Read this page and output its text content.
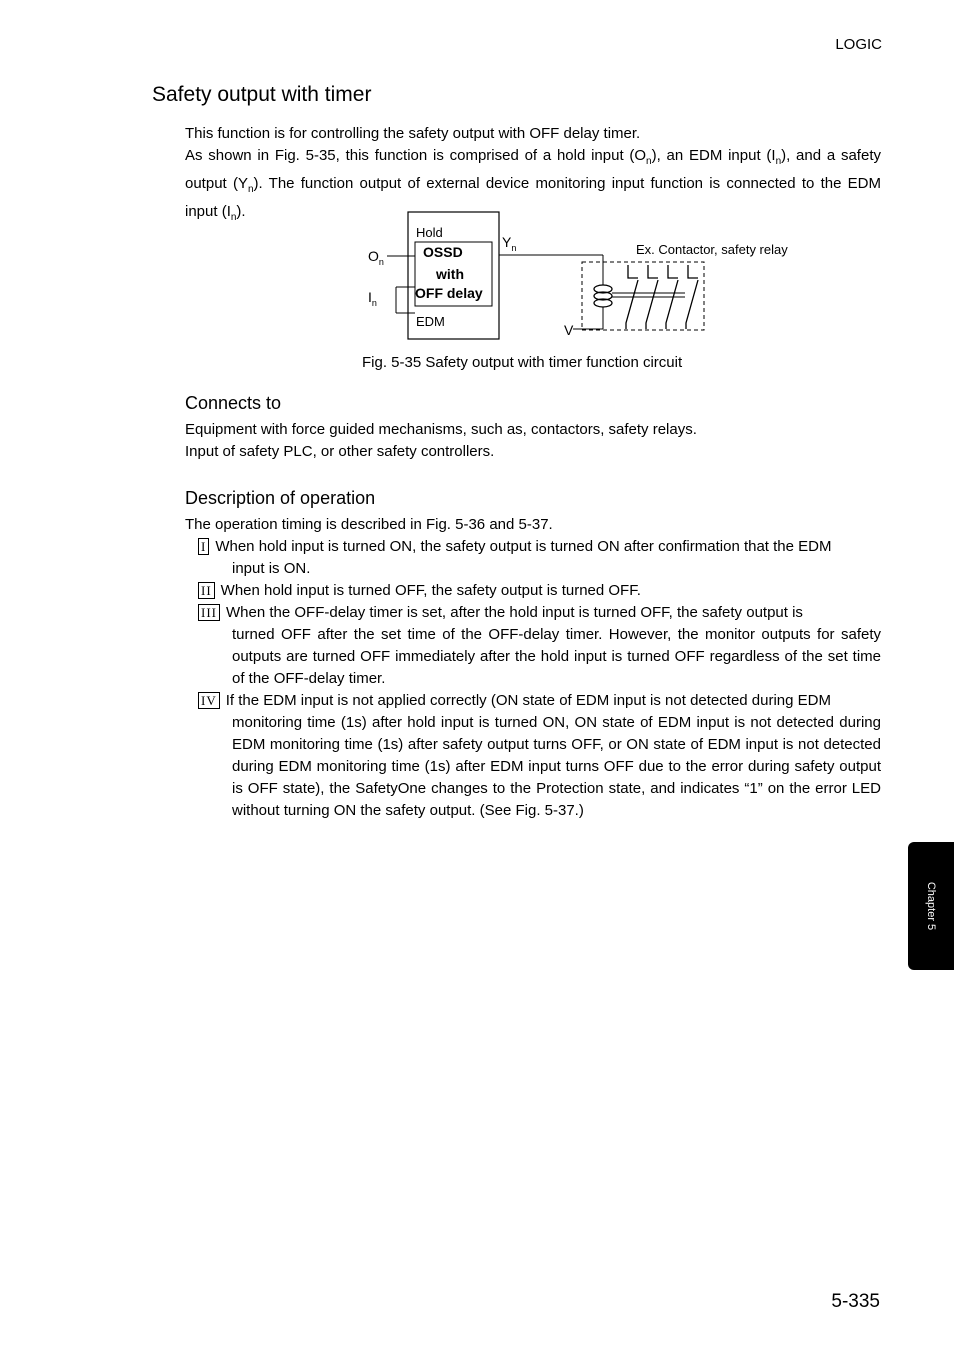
LOGIC
Safety output with timer

This function is for controlling the safety output with OFF delay timer.

As shown in Fig. 5-35, this function is comprised of a hold input $(O_n)$, an EDM input $(I_n)$, and a safety output $(Y_n)$. The function output of external device monitoring input function is connected to the EDM input $(I_n)$.

Hold
OSSD
with
OFF delay
EDM
$O_n$
$I_n$
$Y_n$
V
Ex. Contactor, safety relay
Fig. 5-35 Safety output with timer function circuit
Connects to

Equipment with force guided mechanisms, such as, contactors, safety relays.

Input of safety PLC, or other safety controllers.

Description of operation
The operation timing is described in Fig. 5-36 and 5-37.
I When hold input is turned ON, the safety output is turned ON after confirmation that the EDM
input is ON.
II When hold input is turned OFF, the safety output is turned OFF.
III When the OFF-delay timer is set, after the hold input is turned OFF, the safety output is
turned OFF after the set time of the OFF-delay timer. However, the monitor outputs for safety outputs are turned OFF immediately after the hold input is turned OFF regardless of the set time of the OFF-delay timer.
IV If the EDM input is not applied correctly (ON state of EDM input is not detected during EDM
monitoring time (1s) after hold input is turned ON, ON state of EDM input is not detected during EDM monitoring time (1s) after safety output turns OFF, or ON state of EDM input is not detected during EDM monitoring time (1s) after EDM input turns OFF due to the error during safety output is OFF state), the SafetyOne changes to the Protection state, and indicates “1” on the error LED without turning ON the safety output. (See Fig. 5-37.)
Chapter 5
5-335
